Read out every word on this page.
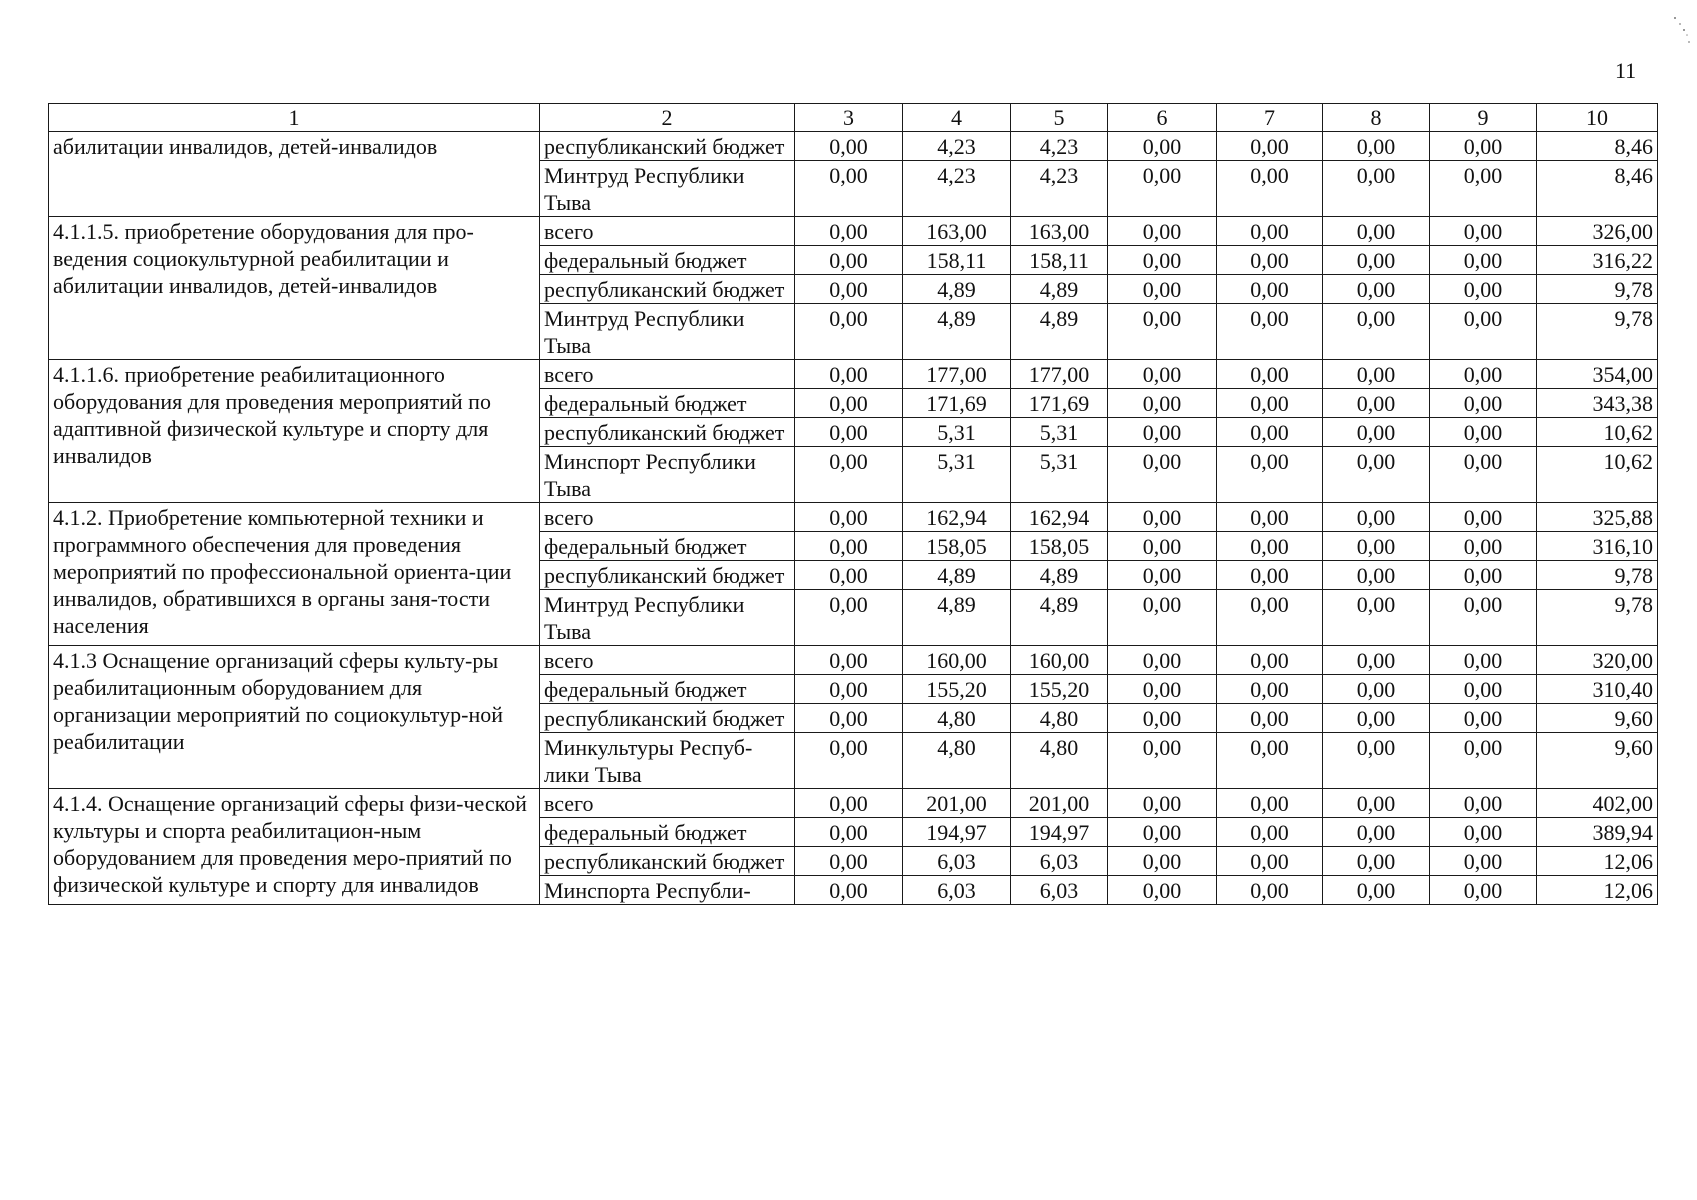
11
1	2	3	4	5	6	7	8	9	10
абилитации инвалидов, детей-инвалидов	республиканский бюджет	0,00	4,23	4,23	0,00	0,00	0,00	0,00	8,46
	Минтруд Республики Тыва	0,00	4,23	4,23	0,00	0,00	0,00	0,00	8,46
4.1.1.5. приобретение оборудования для про-ведения социокультурной реабилитации и абилитации инвалидов, детей-инвалидов	всего	0,00	163,00	163,00	0,00	0,00	0,00	0,00	326,00
	федеральный бюджет	0,00	158,11	158,11	0,00	0,00	0,00	0,00	316,22
	республиканский бюджет	0,00	4,89	4,89	0,00	0,00	0,00	0,00	9,78
	Минтруд Республики Тыва	0,00	4,89	4,89	0,00	0,00	0,00	0,00	9,78
4.1.1.6. приобретение реабилитационного оборудования для проведения мероприятий по адаптивной физической культуре и спорту для инвалидов	всего	0,00	177,00	177,00	0,00	0,00	0,00	0,00	354,00
	федеральный бюджет	0,00	171,69	171,69	0,00	0,00	0,00	0,00	343,38
	республиканский бюджет	0,00	5,31	5,31	0,00	0,00	0,00	0,00	10,62
	Минспорт Республики Тыва	0,00	5,31	5,31	0,00	0,00	0,00	0,00	10,62
4.1.2. Приобретение компьютерной техники и программного обеспечения для проведения мероприятий по профессиональной ориента-ции инвалидов, обратившихся в органы заня-тости населения	всего	0,00	162,94	162,94	0,00	0,00	0,00	0,00	325,88
	федеральный бюджет	0,00	158,05	158,05	0,00	0,00	0,00	0,00	316,10
	республиканский бюджет	0,00	4,89	4,89	0,00	0,00	0,00	0,00	9,78
	Минтруд Республики Тыва	0,00	4,89	4,89	0,00	0,00	0,00	0,00	9,78
4.1.3 Оснащение организаций сферы культу-ры реабилитационным оборудованием для организации мероприятий по социокультур-ной реабилитации	всего	0,00	160,00	160,00	0,00	0,00	0,00	0,00	320,00
	федеральный бюджет	0,00	155,20	155,20	0,00	0,00	0,00	0,00	310,40
	республиканский бюджет	0,00	4,80	4,80	0,00	0,00	0,00	0,00	9,60
	Минкультуры Респуб-лики Тыва	0,00	4,80	4,80	0,00	0,00	0,00	0,00	9,60
4.1.4. Оснащение организаций сферы физи-ческой культуры и спорта реабилитацион-ным оборудованием для проведения меро-приятий по физической культуре и спорту для инвалидов	всего	0,00	201,00	201,00	0,00	0,00	0,00	0,00	402,00
	федеральный бюджет	0,00	194,97	194,97	0,00	0,00	0,00	0,00	389,94
	республиканский бюджет	0,00	6,03	6,03	0,00	0,00	0,00	0,00	12,06
	Минспорта Республи-	0,00	6,03	6,03	0,00	0,00	0,00	0,00	12,06
